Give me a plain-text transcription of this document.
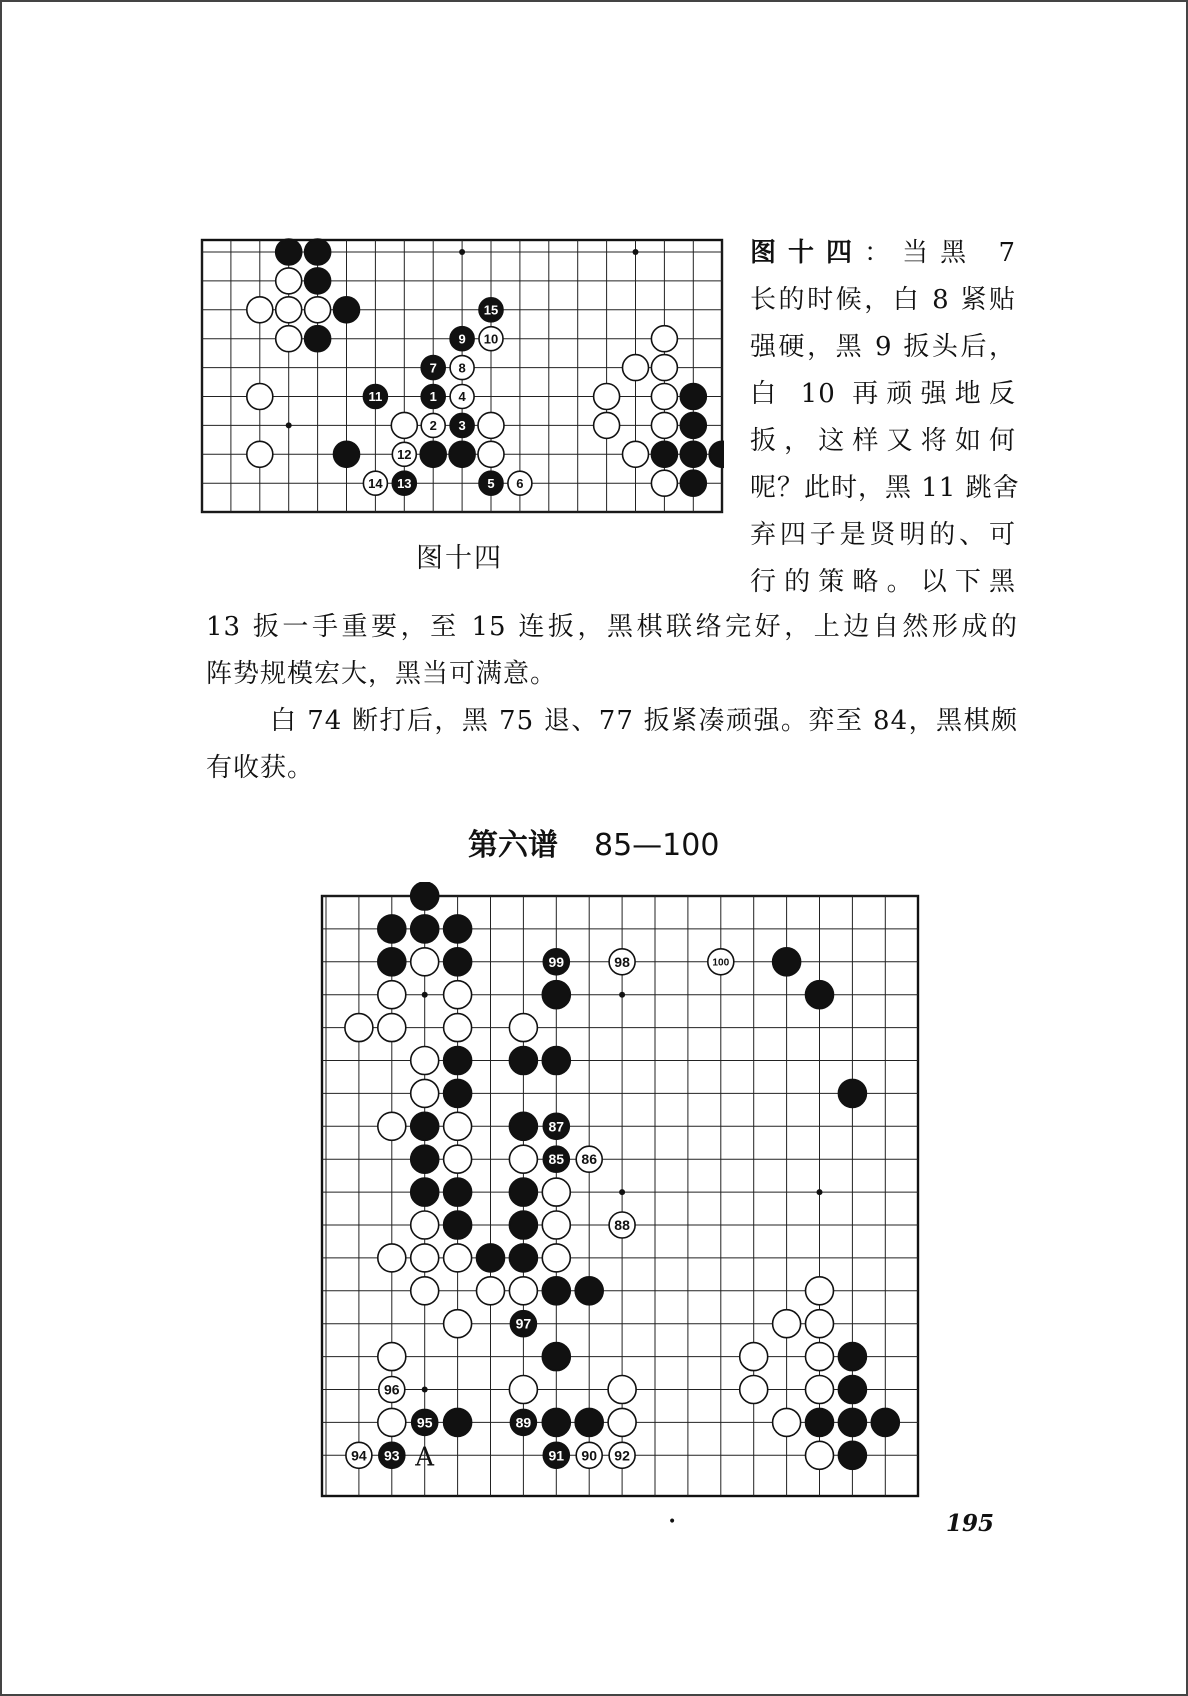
15
9 10
7 8
11	1 4
2 3
12
14 13	5 6
图十四
图十四：当黑 7
长的时候，白 8 紧贴
强硬，黑 9 扳头后，
白 10 再顽强地反
扳，这样又将如何
呢？此时，黑 11 跳舍
弃四子是贤明的、可
行的策略。以下黑
13 扳一手重要，至 15 连扳，黑棋联络完好，上边自然形成的
阵势规模宏大，黑当可满意。
白 74 断打后，黑 75 退、77 扳紧凑顽强。弈至 84，黑棋颇
有收获。
第六谱 85—100
99	98	100
87
85 86
88
97
96
95	89
94 93	91 90 92
A
•	195
